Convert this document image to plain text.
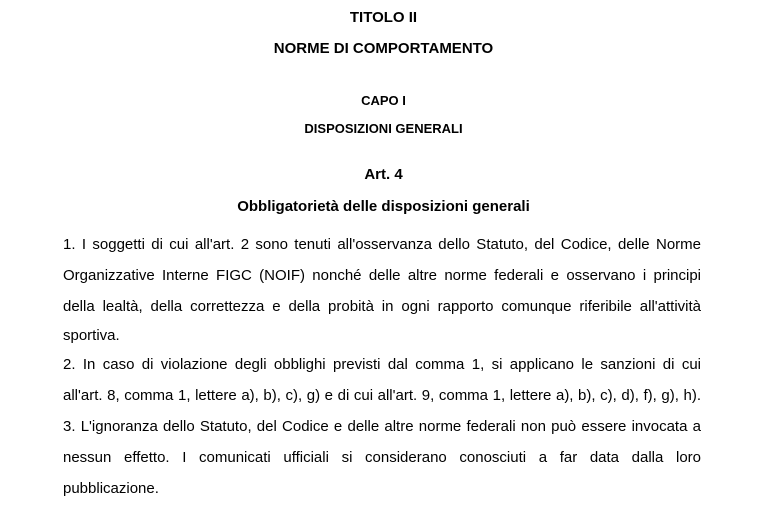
TITOLO II
NORME DI COMPORTAMENTO
CAPO I
DISPOSIZIONI GENERALI
Art. 4
Obbligatorietà delle disposizioni generali
1. I soggetti di cui all'art. 2 sono tenuti all'osservanza dello Statuto, del Codice, delle Norme
Organizzative Interne FIGC (NOIF) nonché delle altre norme federali e osservano i principi
della lealtà, della correttezza e della probità in ogni rapporto comunque riferibile all'attività
sportiva.
2. In caso di violazione degli obblighi previsti dal comma 1, si applicano le sanzioni di cui
all'art. 8, comma 1, lettere a), b), c), g) e di cui all'art. 9, comma 1, lettere a), b), c), d), f), g), h).
3. L'ignoranza dello Statuto, del Codice e delle altre norme federali non può essere invocata a
nessun effetto. I comunicati ufficiali si considerano conosciuti a far data dalla loro
pubblicazione.
